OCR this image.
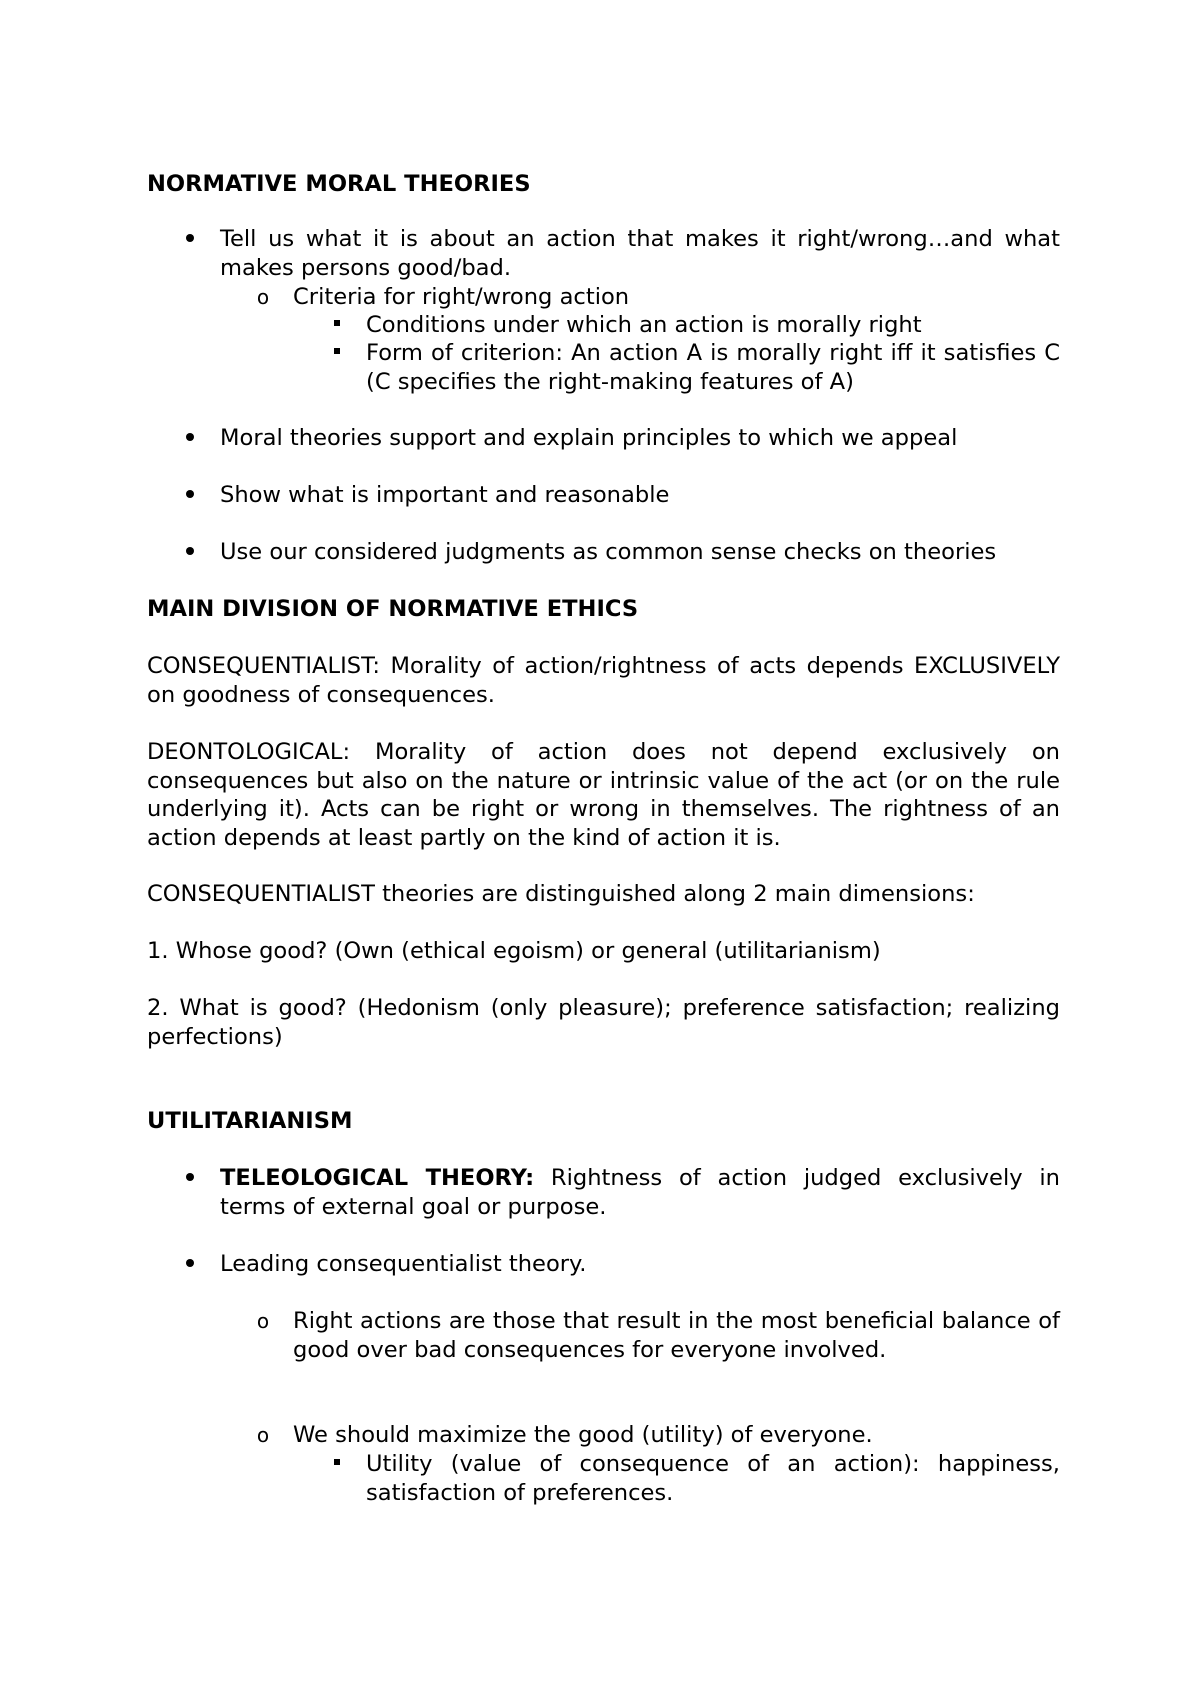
NORMATIVE MORAL THEORIES

Tell us what it is about an action that makes it right/wrong…and what makes persons good/bad.

o Criteria for right/wrong action

Conditions under which an action is morally right

Form of criterion: An action A is morally right iff it satisfies C (C specifies the right-making features of A)

Moral theories support and explain principles to which we appeal

Show what is important and reasonable

Use our considered judgments as common sense checks on theories

MAIN DIVISION OF NORMATIVE ETHICS

CONSEQUENTIALIST: Morality of action/rightness of acts depends EXCLUSIVELY on goodness of consequences.

DEONTOLOGICAL: Morality of action does not depend exclusively on consequences but also on the nature or intrinsic value of the act (or on the rule underlying it). Acts can be right or wrong in themselves. The rightness of an action depends at least partly on the kind of action it is.

CONSEQUENTIALIST theories are distinguished along 2 main dimensions:

1. Whose good? (Own (ethical egoism) or general (utilitarianism)

2. What is good? (Hedonism (only pleasure); preference satisfaction; realizing perfections)

UTILITARIANISM

TELEOLOGICAL THEORY: Rightness of action judged exclusively in terms of external goal or purpose.

Leading consequentialist theory.

o Right actions are those that result in the most beneficial balance of good over bad consequences for everyone involved.

o We should maximize the good (utility) of everyone.

Utility (value of consequence of an action): happiness, satisfaction of preferences.
